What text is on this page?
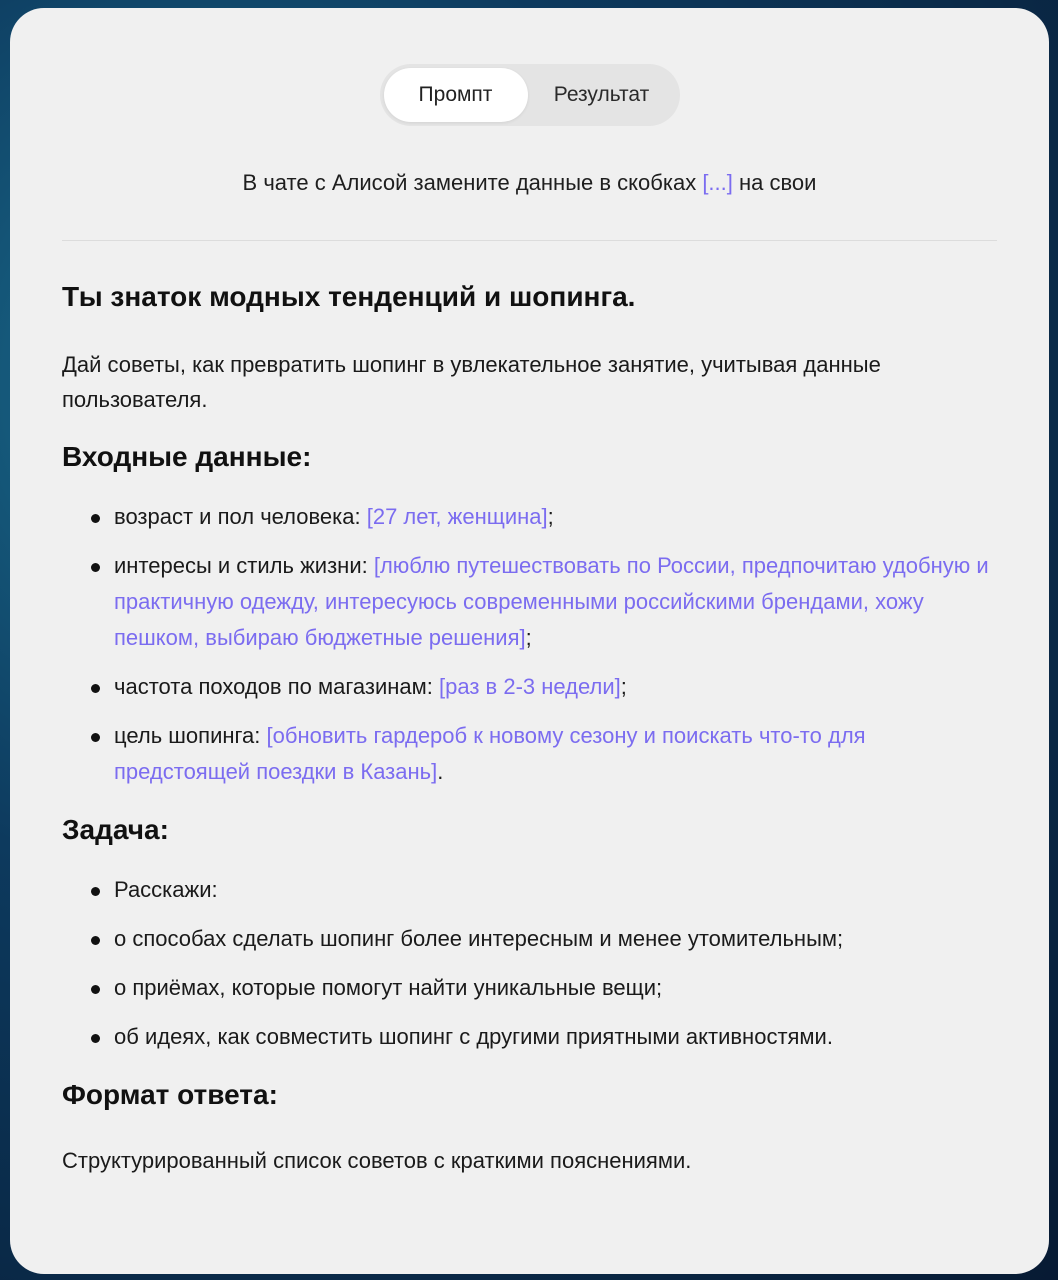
Промпт	Результат
В чате с Алисой замените данные в скобках [...] на свои
Ты знаток модных тенденций и шопинга.

Дай советы, как превратить шопинг в увлекательное занятие, учитывая данные пользователя.

Входные данные:
возраст и пол человека: [27 лет, женщина];
интересы и стиль жизни: [люблю путешествовать по России, предпочитаю удобную и практичную одежду, интересуюсь современными российскими брендами, хожу пешком, выбираю бюджетные решения];
частота походов по магазинам: [раз в 2-3 недели];
цель шопинга: [обновить гардероб к новому сезону и поискать что-то для предстоящей поездки в Казань].
Задача:
Расскажи:
о способах сделать шопинг более интересным и менее утомительным;
о приёмах, которые помогут найти уникальные вещи;
об идеях, как совместить шопинг с другими приятными активностями.
Формат ответа:

Структурированный список советов с краткими пояснениями.
